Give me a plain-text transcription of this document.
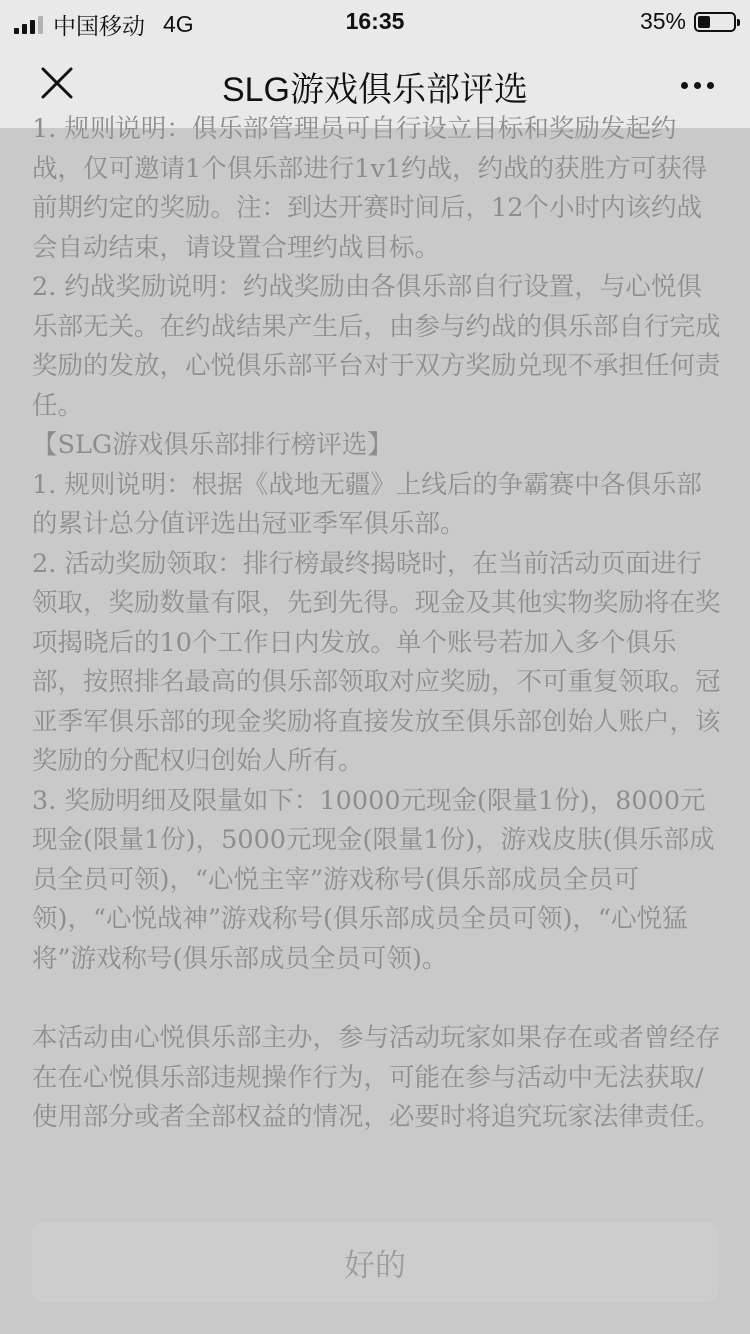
中国移动 4G	16:35	35%
SLG游戏俱乐部评选

1. 规则说明：俱乐部管理员可自行设立目标和奖励发起约战，仅可邀请1个俱乐部进行1v1约战，约战的获胜方可获得前期约定的奖励。注：到达开赛时间后，12个小时内该约战会自动结束，请设置合理约战目标。

2. 约战奖励说明：约战奖励由各俱乐部自行设置，与心悦俱乐部无关。在约战结果产生后，由参与约战的俱乐部自行完成奖励的发放，心悦俱乐部平台对于双方奖励兑现不承担任何责任。

【SLG游戏俱乐部排行榜评选】

1. 规则说明：根据《战地无疆》上线后的争霸赛中各俱乐部的累计总分值评选出冠亚季军俱乐部。

2. 活动奖励领取：排行榜最终揭晓时，在当前活动页面进行领取，奖励数量有限，先到先得。现金及其他实物奖励将在奖项揭晓后的10个工作日内发放。单个账号若加入多个俱乐部，按照排名最高的俱乐部领取对应奖励，不可重复领取。冠亚季军俱乐部的现金奖励将直接发放至俱乐部创始人账户，该奖励的分配权归创始人所有。

3. 奖励明细及限量如下：10000元现金(限量1份)，8000元现金(限量1份)，5000元现金(限量1份)，游戏皮肤(俱乐部成员全员可领)，“心悦主宰”游戏称号(俱乐部成员全员可领)，“心悦战神”游戏称号(俱乐部成员全员可领)，“心悦猛将”游戏称号(俱乐部成员全员可领)。

本活动由心悦俱乐部主办，参与活动玩家如果存在或者曾经存在在心悦俱乐部违规操作行为，可能在参与活动中无法获取/使用部分或者全部权益的情况，必要时将追究玩家法律责任。

好的
